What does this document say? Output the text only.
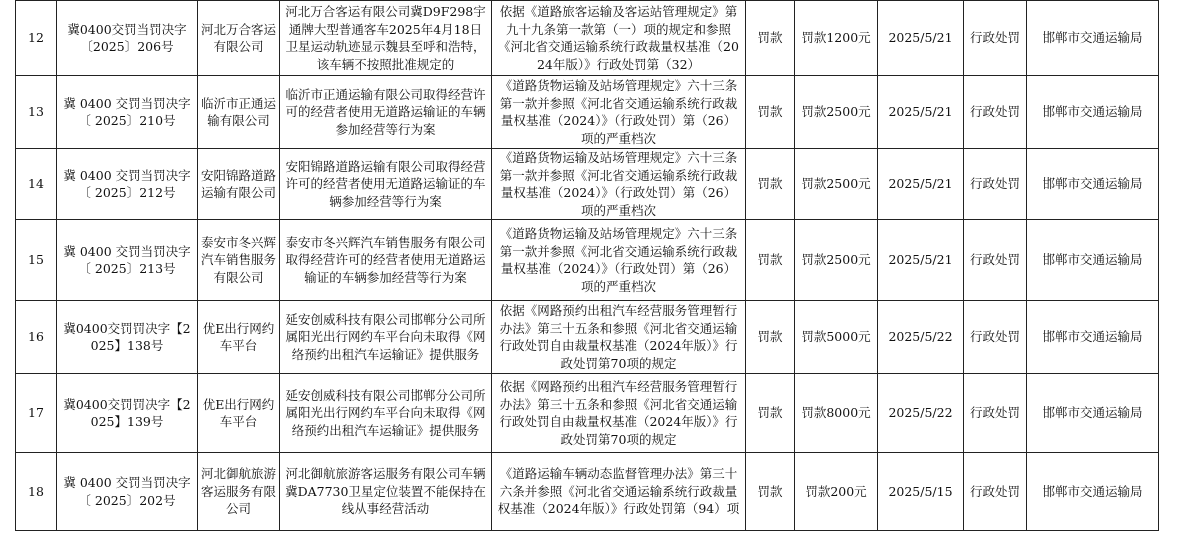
12	冀0400交罚当罚决字〔2025〕206号	河北万合客运有限公司	河北万合客运有限公司冀D9F298宇通牌大型普通客车2025年4月18日卫星运动轨迹显示魏县至呼和浩特，该车辆不按照批准规定的	依据《道路旅客运输及客运站管理规定》第九十九条第一款第（一）项的规定和参照《河北省交通运输系统行政裁量权基准（2024年版）》行政处罚第（32）	罚款	罚款1200元	2025/5/21	行政处罚	邯郸市交通运输局
13	冀 0400 交罚当罚决字〔 2025〕210号	临沂市正通运输有限公司	临沂市正通运输有限公司取得经营许可的经营者使用无道路运输证的车辆参加经营等行为案	《道路货物运输及站场管理规定》六十三条第一款并参照《河北省交通运输系统行政裁量权基准（2024）》（行政处罚）第（26）项的严重档次	罚款	罚款2500元	2025/5/21	行政处罚	邯郸市交通运输局
14	冀 0400 交罚当罚决字〔 2025〕212号	安阳锦路道路运输有限公司	安阳锦路道路运输有限公司取得经营许可的经营者使用无道路运输证的车辆参加经营等行为案	《道路货物运输及站场管理规定》六十三条第一款并参照《河北省交通运输系统行政裁量权基准（2024）》（行政处罚）第（26）项的严重档次	罚款	罚款2500元	2025/5/21	行政处罚	邯郸市交通运输局
15	冀 0400 交罚当罚决字〔 2025〕213号	泰安市冬兴辉汽车销售服务有限公司	泰安市冬兴辉汽车销售服务有限公司取得经营许可的经营者使用无道路运输证的车辆参加经营等行为案	《道路货物运输及站场管理规定》六十三条第一款并参照《河北省交通运输系统行政裁量权基准（2024）》（行政处罚）第（26）项的严重档次	罚款	罚款2500元	2025/5/21	行政处罚	邯郸市交通运输局
16	冀0400交罚罚决字【2025】138号	优E出行网约车平台	延安创威科技有限公司邯郸分公司所属阳光出行网约车平台向未取得《网络预约出租汽车运输证》提供服务	依据《网路预约出租汽车经营服务管理暂行办法》第三十五条和参照《河北省交通运输行政处罚自由裁量权基准（2024年版）》行政处罚第70项的规定	罚款	罚款5000元	2025/5/22	行政处罚	邯郸市交通运输局
17	冀0400交罚罚决字【2025】139号	优E出行网约车平台	延安创威科技有限公司邯郸分公司所属阳光出行网约车平台向未取得《网络预约出租汽车运输证》提供服务	依据《网路预约出租汽车经营服务管理暂行办法》第三十五条和参照《河北省交通运输行政处罚自由裁量权基准（2024年版）》行政处罚第70项的规定	罚款	罚款8000元	2025/5/22	行政处罚	邯郸市交通运输局
18	冀 0400 交罚当罚决字〔 2025〕202号	河北御航旅游客运服务有限公司	河北御航旅游客运服务有限公司车辆冀DA7730卫星定位装置不能保持在线从事经营活动	《道路运输车辆动态监督管理办法》第三十六条并参照《河北省交通运输系统行政裁量权基准（2024年版）》行政处罚第（94）项	罚款	罚款200元	2025/5/15	行政处罚	邯郸市交通运输局
